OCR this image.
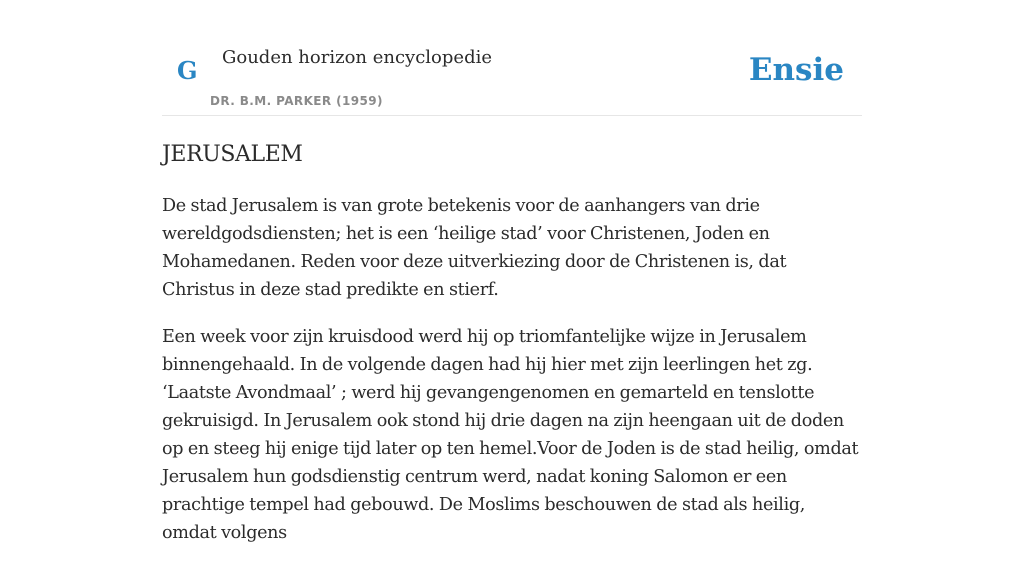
G Gouden horizon encyclopedie
DR. B.M. PARKER (1959)
Ensie
JERUSALEM

De stad Jerusalem is van grote betekenis voor de aanhangers van drie wereldgodsdiensten; het is een ‘heilige stad’ voor Christenen, Joden en Mohamedanen. Reden voor deze uitverkiezing door de Christenen is, dat Christus in deze stad predikte en stierf.

Een week voor zijn kruisdood werd hij op triomfantelijke wijze in Jerusalem binnengehaald. In de volgende dagen had hij hier met zijn leerlingen het zg. ‘Laatste Avondmaal’ ; werd hij gevangengenomen en gemarteld en tenslotte gekruisigd. In Jerusalem ook stond hij drie dagen na zijn heengaan uit de doden op en steeg hij enige tijd later op ten hemel.Voor de Joden is de stad heilig, omdat Jerusalem hun godsdienstig centrum werd, nadat koning Salomon er een prachtige tempel had gebouwd. De Moslims beschouwen de stad als heilig, omdat volgens
